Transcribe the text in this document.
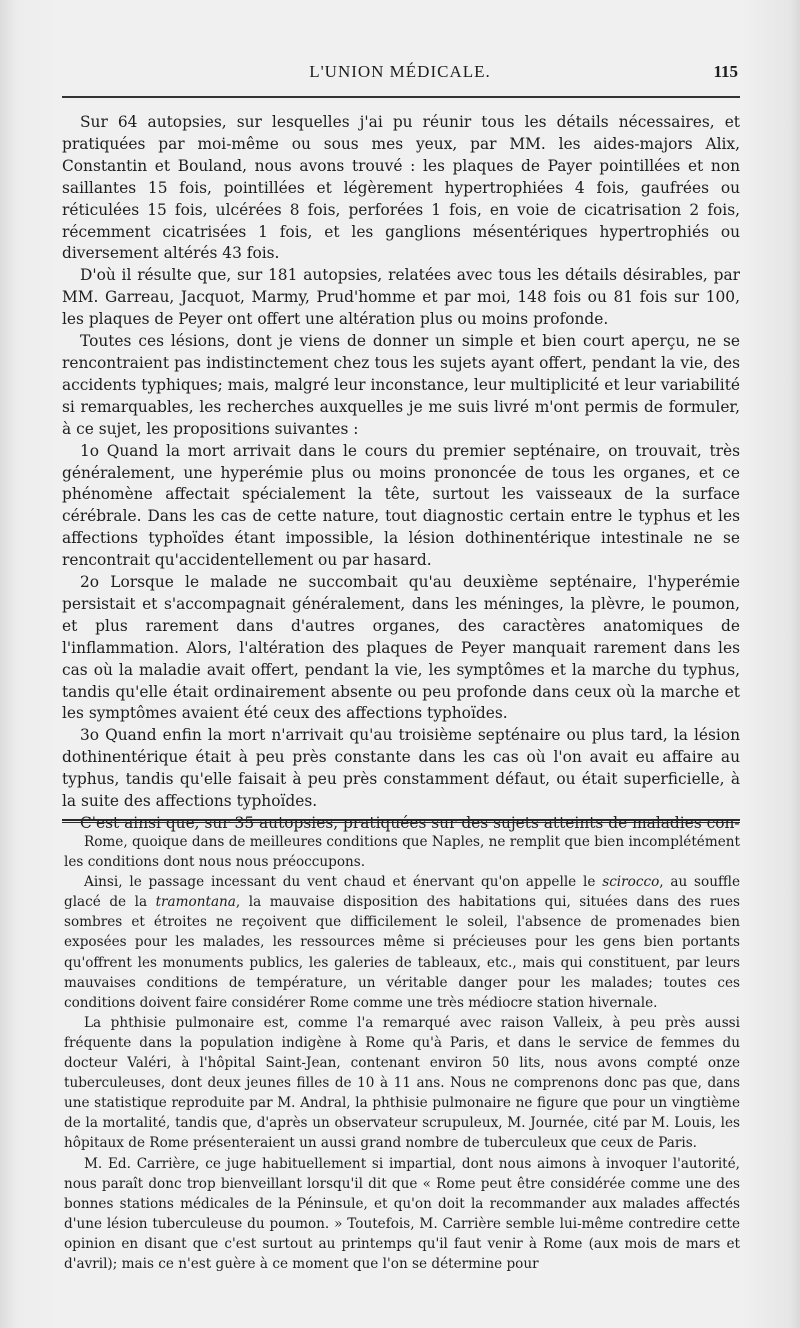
L'UNION MÉDICALE.	115

Sur 64 autopsies, sur lesquelles j'ai pu réunir tous les détails nécessaires, et pratiquées par moi-même ou sous mes yeux, par MM. les aides-majors Alix, Constantin et Bouland, nous avons trouvé : les plaques de Payer pointillées et non saillantes 15 fois, pointillées et légèrement hypertrophiées 4 fois, gaufrées ou réticulées 15 fois, ulcérées 8 fois, perforées 1 fois, en voie de cicatrisation 2 fois, récemment cicatrisées 1 fois, et les ganglions mésentériques hypertrophiés ou diversement altérés 43 fois.

D'où il résulte que, sur 181 autopsies, relatées avec tous les détails désirables, par MM. Garreau, Jacquot, Marmy, Prud'homme et par moi, 148 fois ou 81 fois sur 100, les plaques de Peyer ont offert une altération plus ou moins profonde.

Toutes ces lésions, dont je viens de donner un simple et bien court aperçu, ne se rencontraient pas indistinctement chez tous les sujets ayant offert, pendant la vie, des accidents typhiques; mais, malgré leur inconstance, leur multiplicité et leur variabilité si remarquables, les recherches auxquelles je me suis livré m'ont permis de formuler, à ce sujet, les propositions suivantes :

1o Quand la mort arrivait dans le cours du premier septénaire, on trouvait, très généralement, une hyperémie plus ou moins prononcée de tous les organes, et ce phénomène affectait spécialement la tête, surtout les vaisseaux de la surface cérébrale. Dans les cas de cette nature, tout diagnostic certain entre le typhus et les affections typhoïdes étant impossible, la lésion dothinentérique intestinale ne se rencontrait qu'accidentellement ou par hasard.

2o Lorsque le malade ne succombait qu'au deuxième septénaire, l'hyperémie persistait et s'accompagnait généralement, dans les méninges, la plèvre, le poumon, et plus rarement dans d'autres organes, des caractères anatomiques de l'inflammation. Alors, l'altération des plaques de Peyer manquait rarement dans les cas où la maladie avait offert, pendant la vie, les symptômes et la marche du typhus, tandis qu'elle était ordinairement absente ou peu profonde dans ceux où la marche et les symptômes avaient été ceux des affections typhoïdes.

3o Quand enfin la mort n'arrivait qu'au troisième septénaire ou plus tard, la lésion dothinentérique était à peu près constante dans les cas où l'on avait eu affaire au typhus, tandis qu'elle faisait à peu près constamment défaut, ou était superficielle, à la suite des affections typhoïdes.

C'est ainsi que, sur 35 autopsies, pratiquées sur des sujets atteints de maladies con-

Rome, quoique dans de meilleures conditions que Naples, ne remplit que bien incomplétément les conditions dont nous nous préoccupons.

Ainsi, le passage incessant du vent chaud et énervant qu'on appelle le scirocco, au souffle glacé de la tramontana, la mauvaise disposition des habitations qui, situées dans des rues sombres et étroites ne reçoivent que difficilement le soleil, l'absence de promenades bien exposées pour les malades, les ressources même si précieuses pour les gens bien portants qu'offrent les monuments publics, les galeries de tableaux, etc., mais qui constituent, par leurs mauvaises conditions de température, un véritable danger pour les malades; toutes ces conditions doivent faire considérer Rome comme une très médiocre station hivernale.

La phthisie pulmonaire est, comme l'a remarqué avec raison Valleix, à peu près aussi fréquente dans la population indigène à Rome qu'à Paris, et dans le service de femmes du docteur Valéri, à l'hôpital Saint-Jean, contenant environ 50 lits, nous avons compté onze tuberculeuses, dont deux jeunes filles de 10 à 11 ans. Nous ne comprenons donc pas que, dans une statistique reproduite par M. Andral, la phthisie pulmonaire ne figure que pour un vingtième de la mortalité, tandis que, d'après un observateur scrupuleux, M. Journée, cité par M. Louis, les hôpitaux de Rome présenteraient un aussi grand nombre de tuberculeux que ceux de Paris.

M. Ed. Carrière, ce juge habituellement si impartial, dont nous aimons à invoquer l'autorité, nous paraît donc trop bienveillant lorsqu'il dit que « Rome peut être considérée comme une des bonnes stations médicales de la Péninsule, et qu'on doit la recommander aux malades affectés d'une lésion tuberculeuse du poumon. » Toutefois, M. Carrière semble lui-même contredire cette opinion en disant que c'est surtout au printemps qu'il faut venir à Rome (aux mois de mars et d'avril); mais ce n'est guère à ce moment que l'on se détermine pour
